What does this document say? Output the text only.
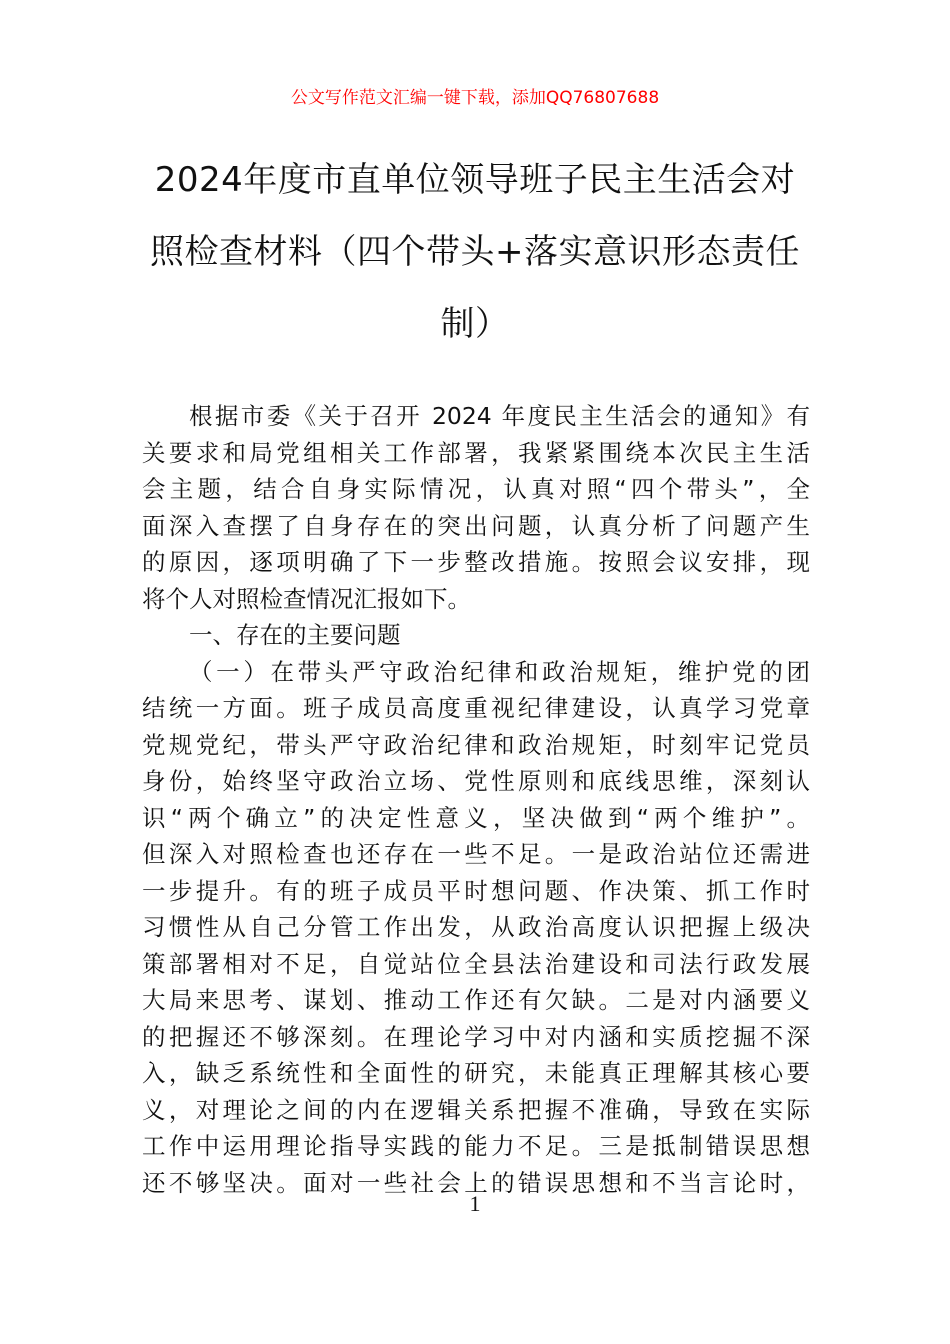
公文写作范文汇编一键下载，添加QQ76807688
2024年度市直单位领导班子民主生活会对
照检查材料（四个带头+落实意识形态责任
制）
根据市委《关于召开 2024 年度民主生活会的通知》有
关要求和局党组相关工作部署，我紧紧围绕本次民主生活
会主题，结合自身实际情况，认真对照“四个带头”，全
面深入查摆了自身存在的突出问题，认真分析了问题产生
的原因，逐项明确了下一步整改措施。按照会议安排，现
将个人对照检查情况汇报如下。
一、存在的主要问题
（一）在带头严守政治纪律和政治规矩，维护党的团
结统一方面。班子成员高度重视纪律建设，认真学习党章
党规党纪，带头严守政治纪律和政治规矩，时刻牢记党员
身份，始终坚守政治立场、党性原则和底线思维，深刻认
识“两个确立”的决定性意义，坚决做到“两个维护”。
但深入对照检查也还存在一些不足。一是政治站位还需进
一步提升。有的班子成员平时想问题、作决策、抓工作时
习惯性从自己分管工作出发，从政治高度认识把握上级决
策部署相对不足，自觉站位全县法治建设和司法行政发展
大局来思考、谋划、推动工作还有欠缺。二是对内涵要义
的把握还不够深刻。在理论学习中对内涵和实质挖掘不深
入，缺乏系统性和全面性的研究，未能真正理解其核心要
义，对理论之间的内在逻辑关系把握不准确，导致在实际
工作中运用理论指导实践的能力不足。三是抵制错误思想
还不够坚决。面对一些社会上的错误思想和不当言论时，
1
